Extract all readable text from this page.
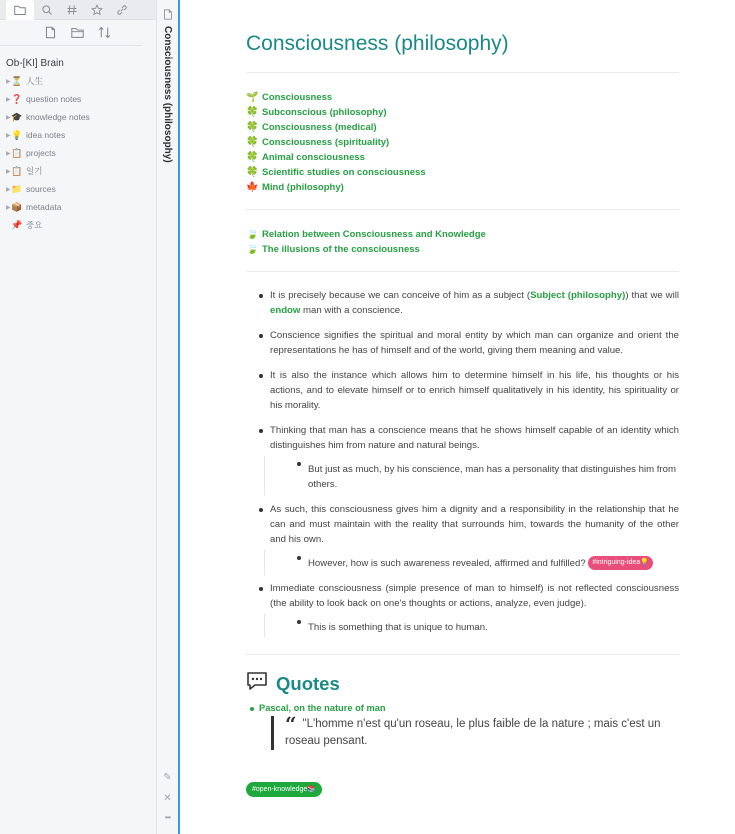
Ob-[KI] Brain
▶ ⏳ 人生
▶ ❓ question notes
▶ 🎓 knowledge notes
▶ 💡 idea notes
▶ 📋 projects
▶ 📋 일기
▶ 📁 sources
▶ 📦 metadata
📌 중요
Consciousness (philosophy)
✎
✕
•••
Consciousness (philosophy)
🌱 Consciousness
🍀 Subconscious (philosophy)
🍀 Consciousness (medical)
🍀 Consciousness (spirituality)
🍀 Animal consciousness
🍀 Scientific studies on consciousness
🍁 Mind (philosophy)
🍃 Relation between Consciousness and Knowledge
🍃 The illusions of the consciousness
It is precisely because we can conceive of him as a subject (Subject (philosophy)) that we will endow man with a conscience.
Conscience signifies the spiritual and moral entity by which man can organize and orient the representations he has of himself and of the world, giving them meaning and value.
It is also the instance which allows him to determine himself in his life, his thoughts or his actions, and to elevate himself or to enrich himself qualitatively in his identity, his spirituality or his morality.
Thinking that man has a conscience means that he shows himself capable of an identity which distinguishes him from nature and natural beings.
But just as much, by his conscience, man has a personality that distinguishes him from others.
As such, this consciousness gives him a dignity and a responsibility in the relationship that he can and must maintain with the reality that surrounds him, towards the humanity of the other and his own.
However, how is such awareness revealed, affirmed and fulfilled? #intriguing-idea💡
Immediate consciousness (simple presence of man to himself) is not reflected consciousness (the ability to look back on one's thoughts or actions, analyze, even judge).
This is something that is unique to human.
Quotes
Pascal, on the nature of man
“ "L'homme n'est qu'un roseau, le plus faible de la nature ; mais c'est un roseau pensant.
#open-knowledge📚
